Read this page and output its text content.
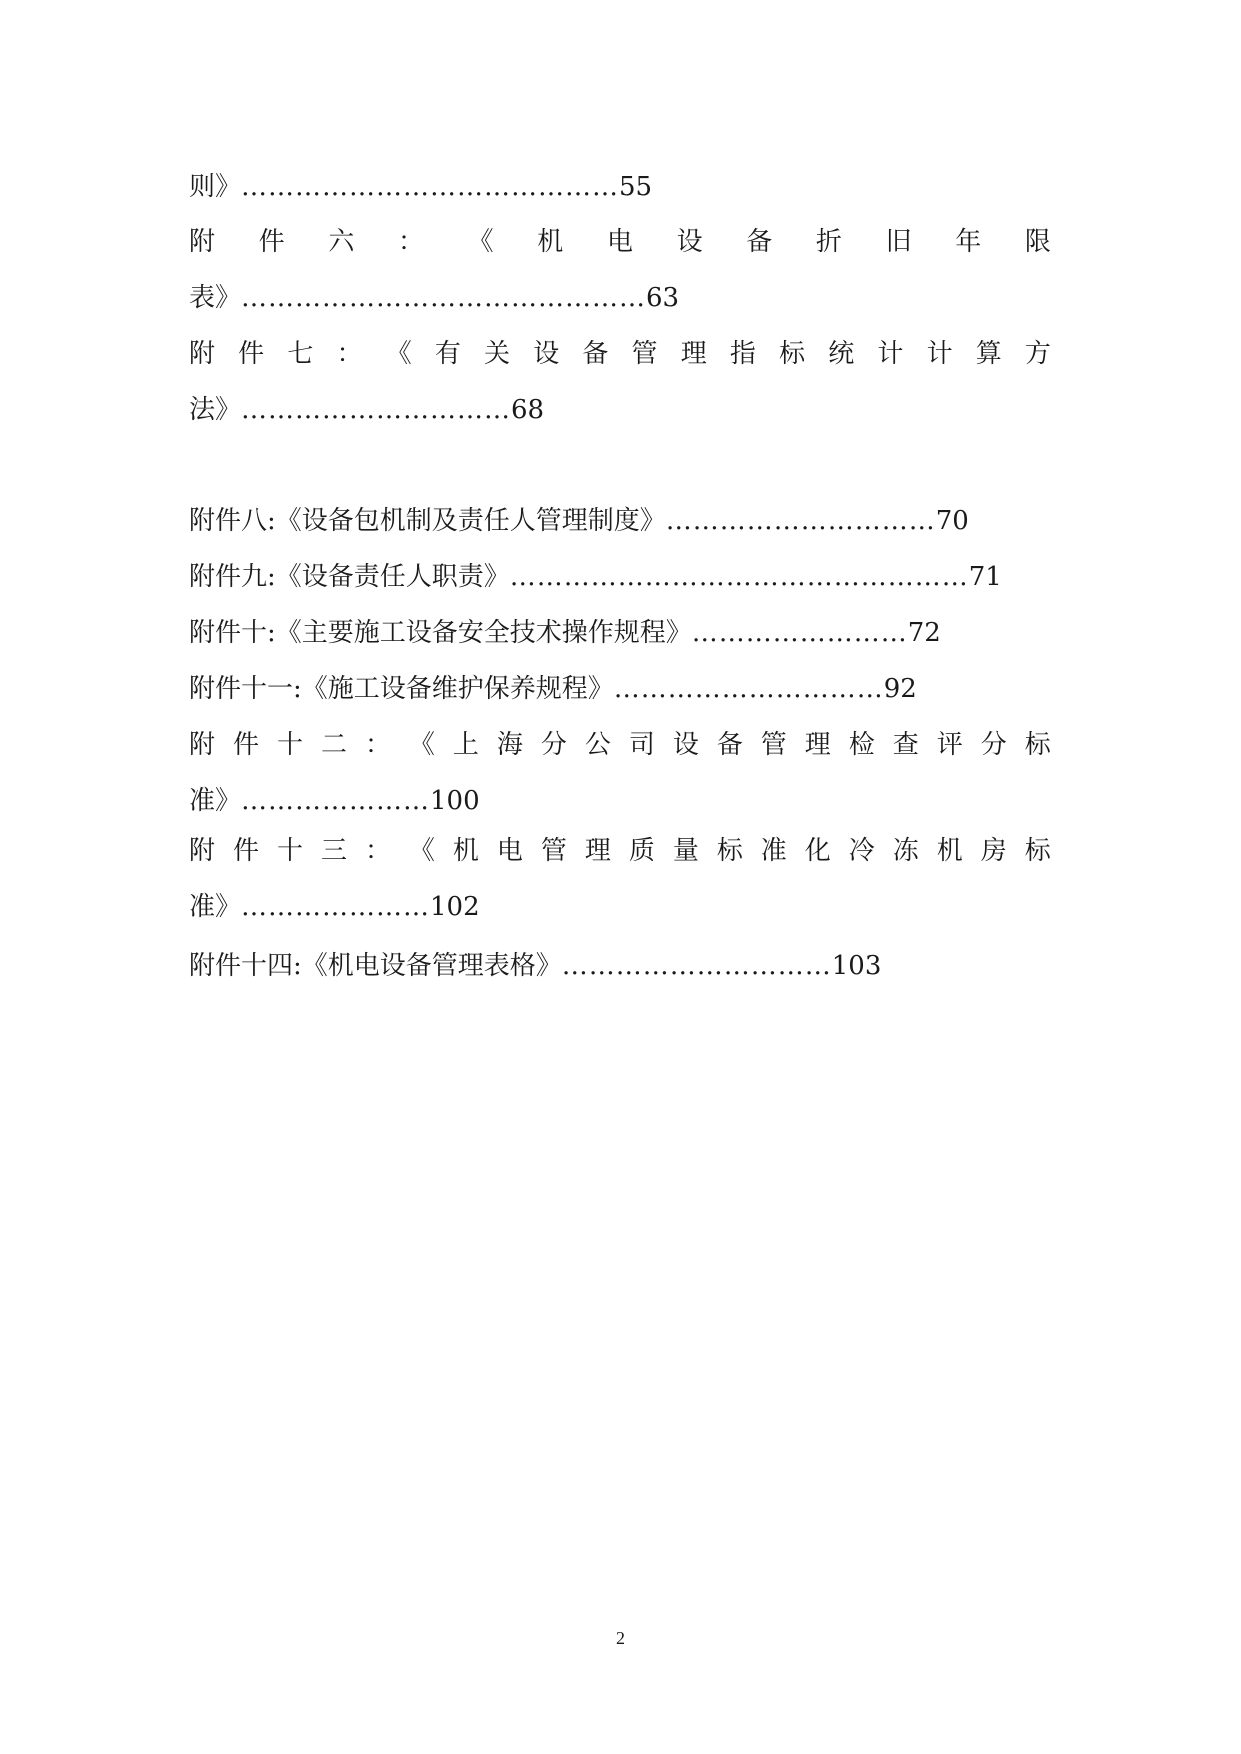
则》……………………………………55
附 件 六 ： 《 机 电 设 备 折 旧 年 限
表》………………………………………63
附 件 七 ： 《 有 关 设 备 管 理 指 标 统 计 计 算 方
法》…………………………68
附件八:《设备包机制及责任人管理制度》…………………………70
附件九:《设备责任人职责》……………………………………………71
附件十:《主要施工设备安全技术操作规程》……………………72
附件十一:《施工设备维护保养规程》…………………………92
附 件 十 二 ： 《 上 海 分 公 司 设 备 管 理 检 查 评 分 标
准》…………………100
附 件 十 三 ： 《 机 电 管 理 质 量 标 准 化 冷 冻 机 房 标
准》…………………102
附件十四:《机电设备管理表格》…………………………103
2
